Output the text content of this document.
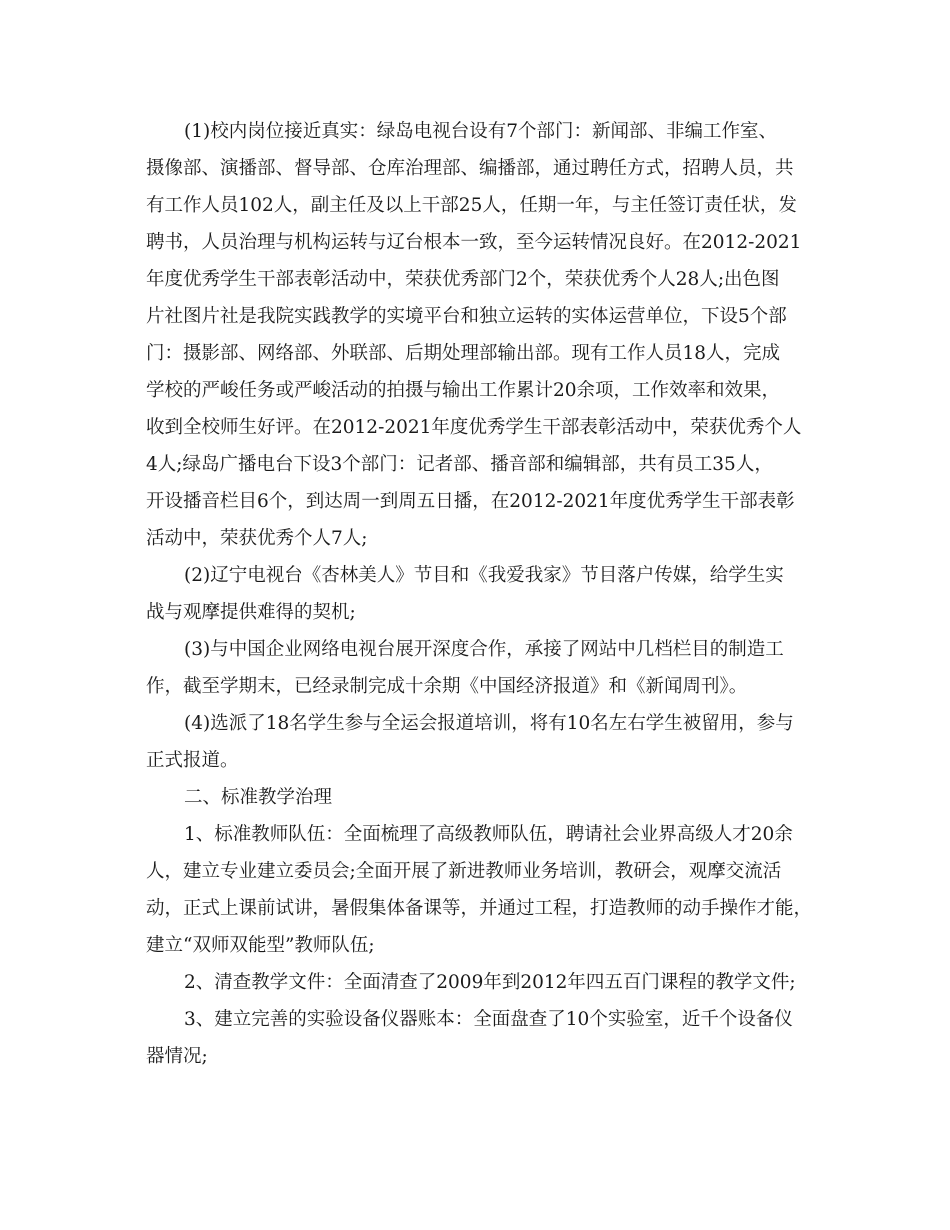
(1)校内岗位接近真实：绿岛电视台设有7个部门：新闻部、非编工作室、
摄像部、演播部、督导部、仓库治理部、编播部，通过聘任方式，招聘人员，共
有工作人员102人，副主任及以上干部25人，任期一年，与主任签订责任状，发
聘书，人员治理与机构运转与辽台根本一致，至今运转情况良好。在2012-2021
年度优秀学生干部表彰活动中，荣获优秀部门2个，荣获优秀个人28人;出色图
片社图片社是我院实践教学的实境平台和独立运转的实体运营单位，下设5个部
门：摄影部、网络部、外联部、后期处理部输出部。现有工作人员18人，完成
学校的严峻任务或严峻活动的拍摄与输出工作累计20余项，工作效率和效果，
收到全校师生好评。在2012-2021年度优秀学生干部表彰活动中，荣获优秀个人
4人;绿岛广播电台下设3个部门：记者部、播音部和编辑部，共有员工35人，
开设播音栏目6个，到达周一到周五日播，在2012-2021年度优秀学生干部表彰
活动中，荣获优秀个人7人;
(2)辽宁电视台《杏林美人》节目和《我爱我家》节目落户传媒，给学生实
战与观摩提供难得的契机;
(3)与中国企业网络电视台展开深度合作，承接了网站中几档栏目的制造工
作，截至学期末，已经录制完成十余期《中国经济报道》和《新闻周刊》。
(4)选派了18名学生参与全运会报道培训，将有10名左右学生被留用，参与
正式报道。
二、标准教学治理
1、标准教师队伍：全面梳理了高级教师队伍，聘请社会业界高级人才20余
人，建立专业建立委员会;全面开展了新进教师业务培训，教研会，观摩交流活
动，正式上课前试讲，暑假集体备课等，并通过工程，打造教师的动手操作才能，
建立“双师双能型”教师队伍;
2、清查教学文件：全面清查了2009年到2012年四五百门课程的教学文件;
3、建立完善的实验设备仪器账本：全面盘查了10个实验室，近千个设备仪
器情况;
